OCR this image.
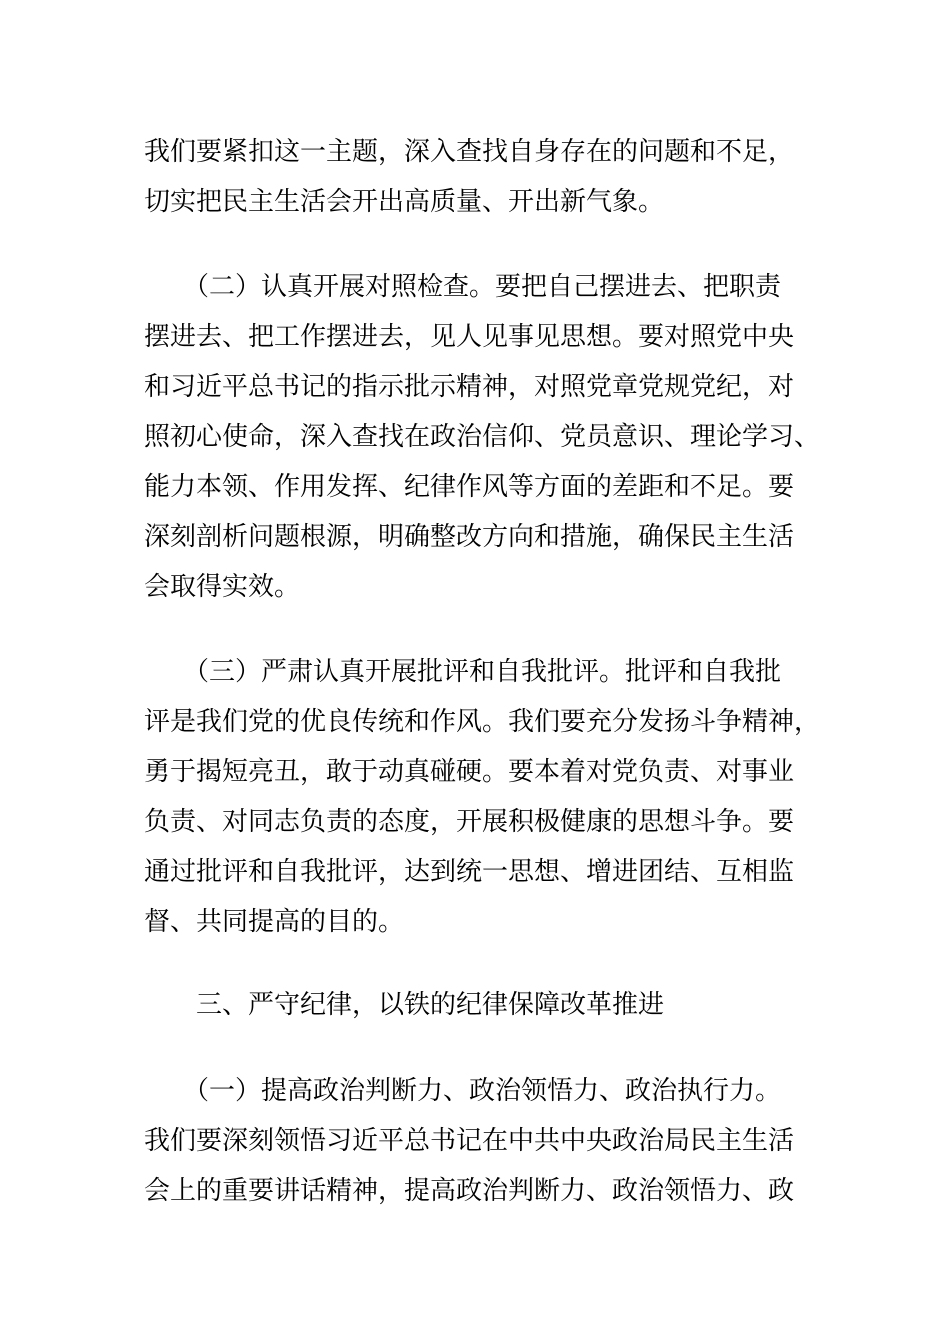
我们要紧扣这一主题，深入查找自身存在的问题和不足，
切实把民主生活会开出高质量、开出新气象。
　　（二）认真开展对照检查。要把自己摆进去、把职责
摆进去、把工作摆进去，见人见事见思想。要对照党中央
和习近平总书记的指示批示精神，对照党章党规党纪，对
照初心使命，深入查找在政治信仰、党员意识、理论学习、
能力本领、作用发挥、纪律作风等方面的差距和不足。要
深刻剖析问题根源，明确整改方向和措施，确保民主生活
会取得实效。
　　（三）严肃认真开展批评和自我批评。批评和自我批
评是我们党的优良传统和作风。我们要充分发扬斗争精神，
勇于揭短亮丑，敢于动真碰硬。要本着对党负责、对事业
负责、对同志负责的态度，开展积极健康的思想斗争。要
通过批评和自我批评，达到统一思想、增进团结、互相监
督、共同提高的目的。
　　三、严守纪律，以铁的纪律保障改革推进
　　（一）提高政治判断力、政治领悟力、政治执行力。
我们要深刻领悟习近平总书记在中共中央政治局民主生活
会上的重要讲话精神，提高政治判断力、政治领悟力、政
